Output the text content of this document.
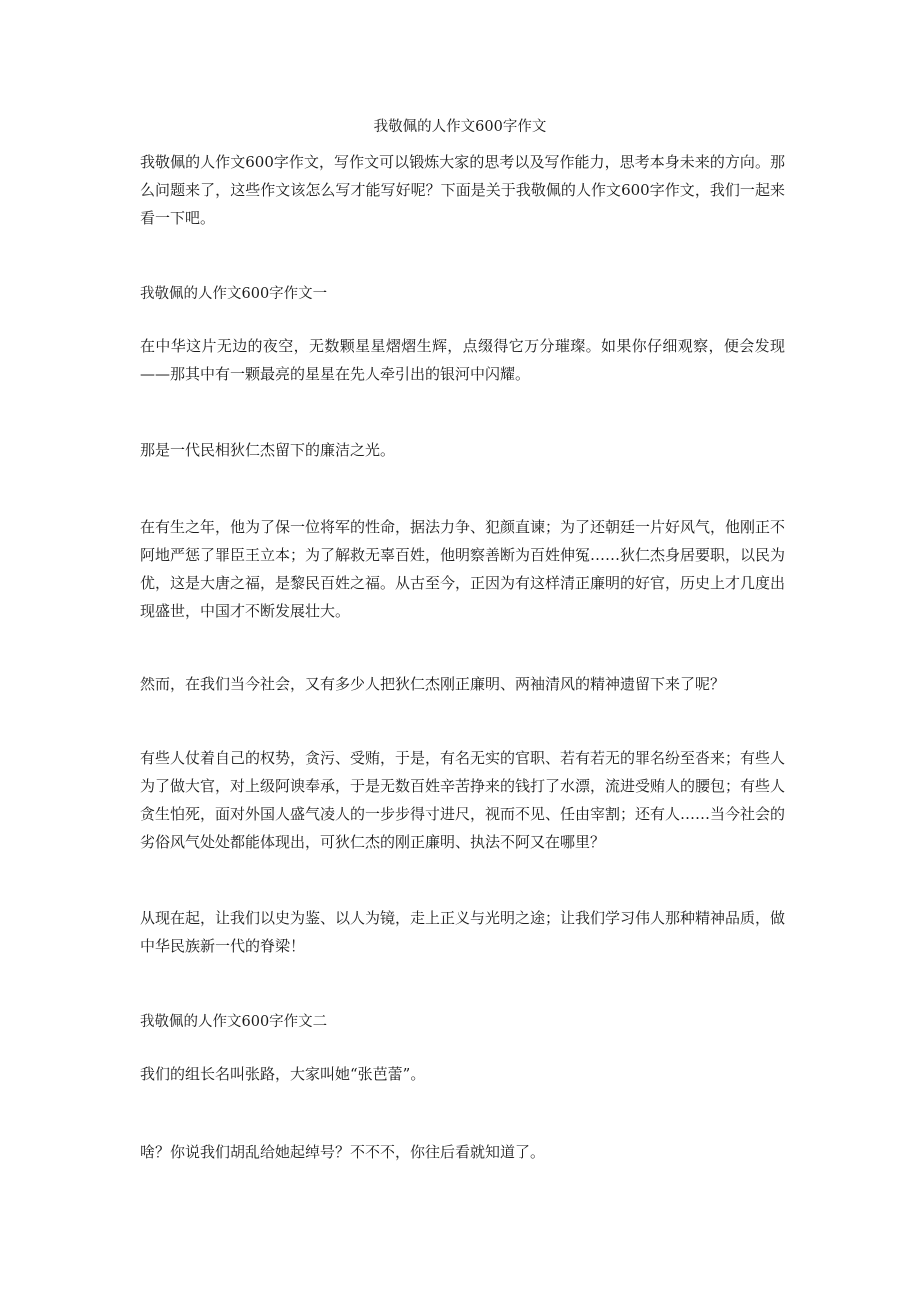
我敬佩的人作文600字作文

我敬佩的人作文600字作文，写作文可以锻炼大家的思考以及写作能力，思考本身未来的方向。那么问题来了，这些作文该怎么写才能写好呢？下面是关于我敬佩的人作文600字作文，我们一起来看一下吧。

我敬佩的人作文600字作文一

在中华这片无边的夜空，无数颗星星熠熠生辉，点缀得它万分璀璨。如果你仔细观察，便会发现——那其中有一颗最亮的星星在先人牵引出的银河中闪耀。

那是一代民相狄仁杰留下的廉洁之光。

在有生之年，他为了保一位将军的性命，据法力争、犯颜直谏；为了还朝廷一片好风气，他刚正不阿地严惩了罪臣王立本；为了解救无辜百姓，他明察善断为百姓伸冤……狄仁杰身居要职，以民为优，这是大唐之福，是黎民百姓之福。从古至今，正因为有这样清正廉明的好官，历史上才几度出现盛世，中国才不断发展壮大。

然而，在我们当今社会，又有多少人把狄仁杰刚正廉明、两袖清风的精神遗留下来了呢？

有些人仗着自己的权势，贪污、受贿，于是，有名无实的官职、若有若无的罪名纷至沓来；有些人为了做大官，对上级阿谀奉承，于是无数百姓辛苦挣来的钱打了水漂，流进受贿人的腰包；有些人贪生怕死，面对外国人盛气凌人的一步步得寸进尺，视而不见、任由宰割；还有人……当今社会的劣俗风气处处都能体现出，可狄仁杰的刚正廉明、执法不阿又在哪里？

从现在起，让我们以史为鉴、以人为镜，走上正义与光明之途；让我们学习伟人那种精神品质，做中华民族新一代的脊梁！

我敬佩的人作文600字作文二

我们的组长名叫张路，大家叫她“张芭蕾”。

啥？你说我们胡乱给她起绰号？不不不，你往后看就知道了。
